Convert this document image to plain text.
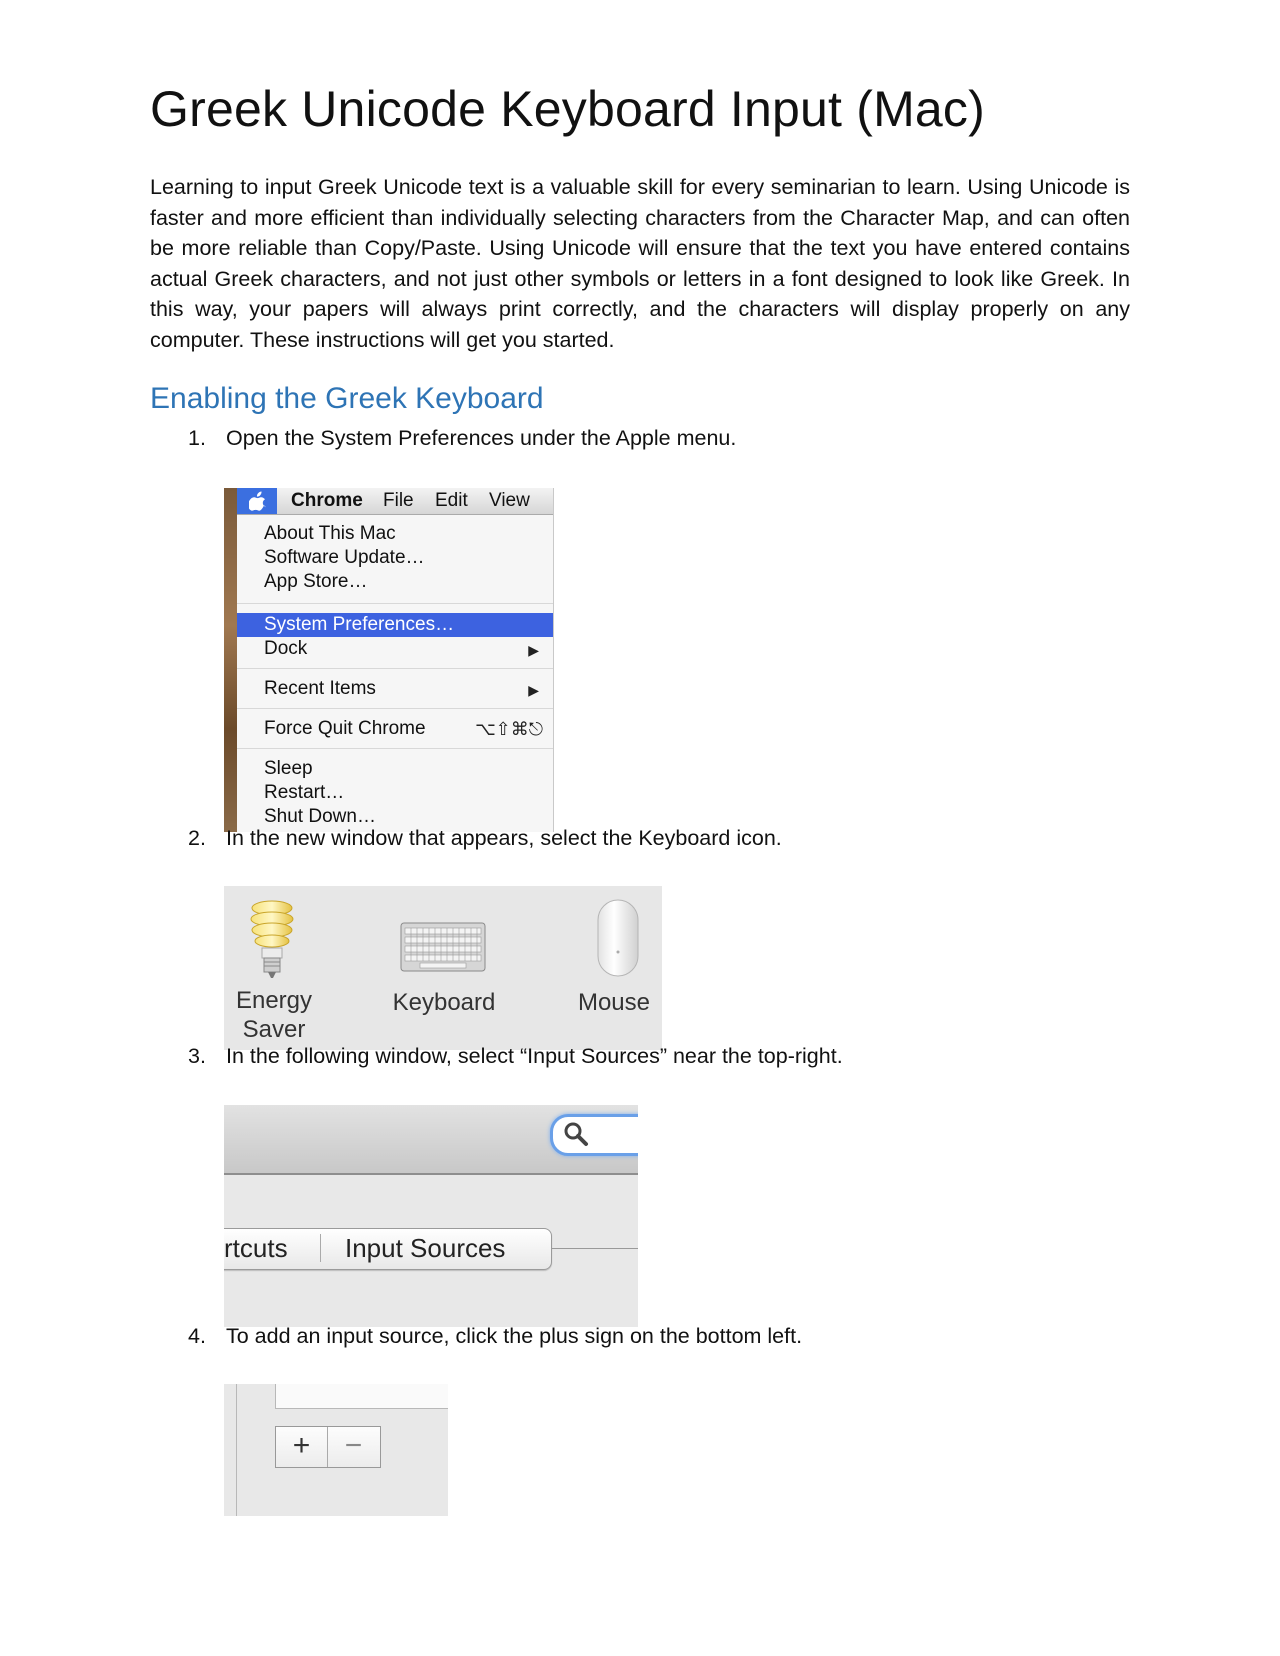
Greek Unicode Keyboard Input (Mac)
Learning to input Greek Unicode text is a valuable skill for every seminarian to learn. Using Unicode is faster and more efficient than individually selecting characters from the Character Map, and can often be more reliable than Copy/Paste. Using Unicode will ensure that the text you have entered contains actual Greek characters, and not just other symbols or letters in a font designed to look like Greek. In this way, your papers will always print correctly, and the characters will display properly on any computer. These instructions will get you started.
Enabling the Greek Keyboard
1. Open the System Preferences under the Apple menu.
Chrome File Edit View
About This Mac
Software Update…
App Store…
System Preferences…
Dock	▶
Recent Items	▶
Force Quit Chrome	⌥⇧⌘⎋
Sleep
Restart…
Shut Down…
2. In the new window that appears, select the Keyboard icon.
Energy
Saver
Keyboard	Mouse
3. In the following window, select “Input Sources” near the top-right.
rtcuts Input Sources
4. To add an input source, click the plus sign on the bottom left.
+	−
